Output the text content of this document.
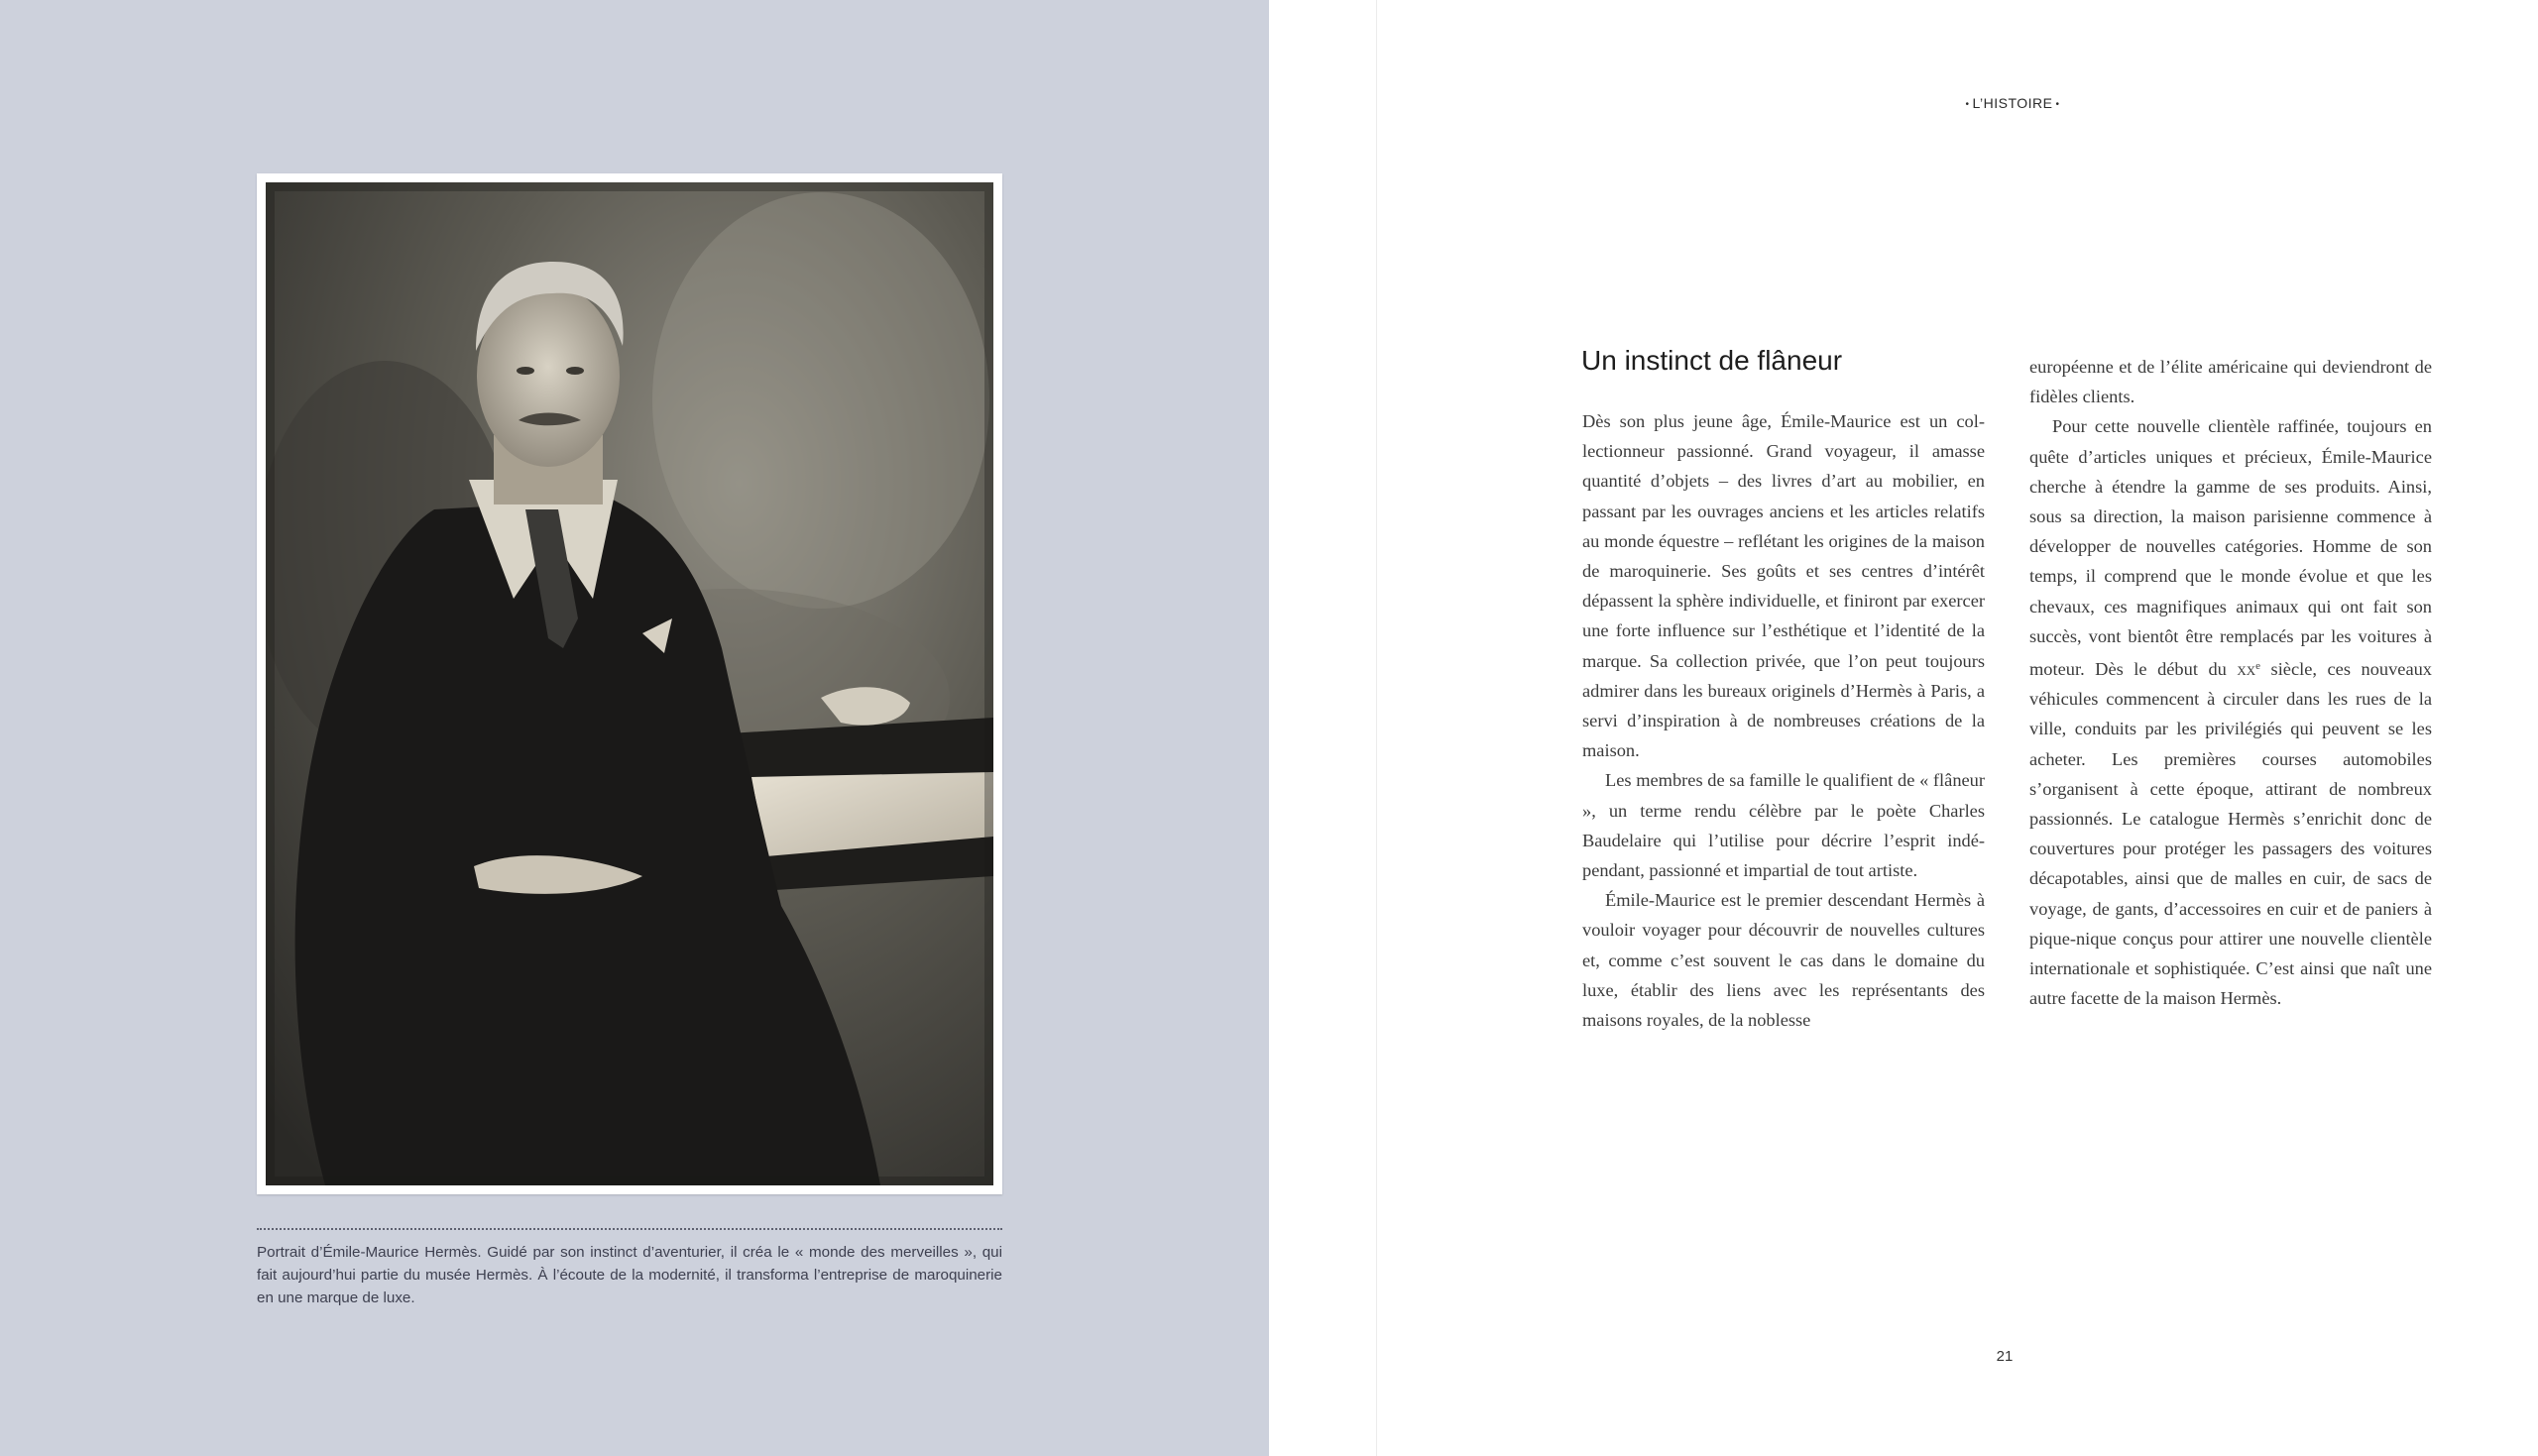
Portrait d’Émile-Maurice Hermès. Guidé par son instinct d’aventurier, il créa le « monde des merveilles », qui fait aujourd’hui partie du musée Hermès. À l’écoute de la modernité, il transforma l’entreprise de maroquinerie en une marque de luxe.
• L’HISTOIRE •
Un instinct de flâneur

Dès son plus jeune âge, Émile-Maurice est un collectionneur passionné. Grand voyageur, il amasse quantité d’objets – des livres d’art au mobilier, en passant par les ouvrages anciens et les articles relatifs au monde équestre – reflétant les origines de la maison de maroquinerie. Ses goûts et ses centres d’intérêt dépassent la sphère individuelle, et finiront par exercer une forte influence sur l’esthétique et l’identité de la marque. Sa collection privée, que l’on peut toujours admirer dans les bureaux originels d’Hermès à Paris, a servi d’inspiration à de nombreuses créations de la maison.

Les membres de sa famille le qualifient de « flâneur », un terme rendu célèbre par le poète Charles Baudelaire qui l’utilise pour décrire l’esprit indépendant, passionné et impartial de tout artiste.

Émile-Maurice est le premier descendant Hermès à vouloir voyager pour découvrir de nouvelles cultures et, comme c’est souvent le cas dans le domaine du luxe, établir des liens avec les représentants des maisons royales, de la noblesse

européenne et de l’élite américaine qui deviendront de fidèles clients.

Pour cette nouvelle clientèle raffinée, toujours en quête d’articles uniques et précieux, Émile-Maurice cherche à étendre la gamme de ses produits. Ainsi, sous sa direction, la maison parisienne commence à développer de nouvelles catégories. Homme de son temps, il comprend que le monde évolue et que les chevaux, ces magnifiques animaux qui ont fait son succès, vont bientôt être remplacés par les voitures à moteur. Dès le début du $xx^e$ siècle, ces nouveaux véhicules commencent à circuler dans les rues de la ville, conduits par les privilégiés qui peuvent se les acheter. Les premières courses automobiles s’organisent à cette époque, attirant de nombreux passionnés. Le catalogue Hermès s’enrichit donc de couvertures pour protéger les passagers des voitures décapotables, ainsi que de malles en cuir, de sacs de voyage, de gants, d’accessoires en cuir et de paniers à pique-nique conçus pour attirer une nouvelle clientèle internationale et sophistiquée. C’est ainsi que naît une autre facette de la maison Hermès.

21
